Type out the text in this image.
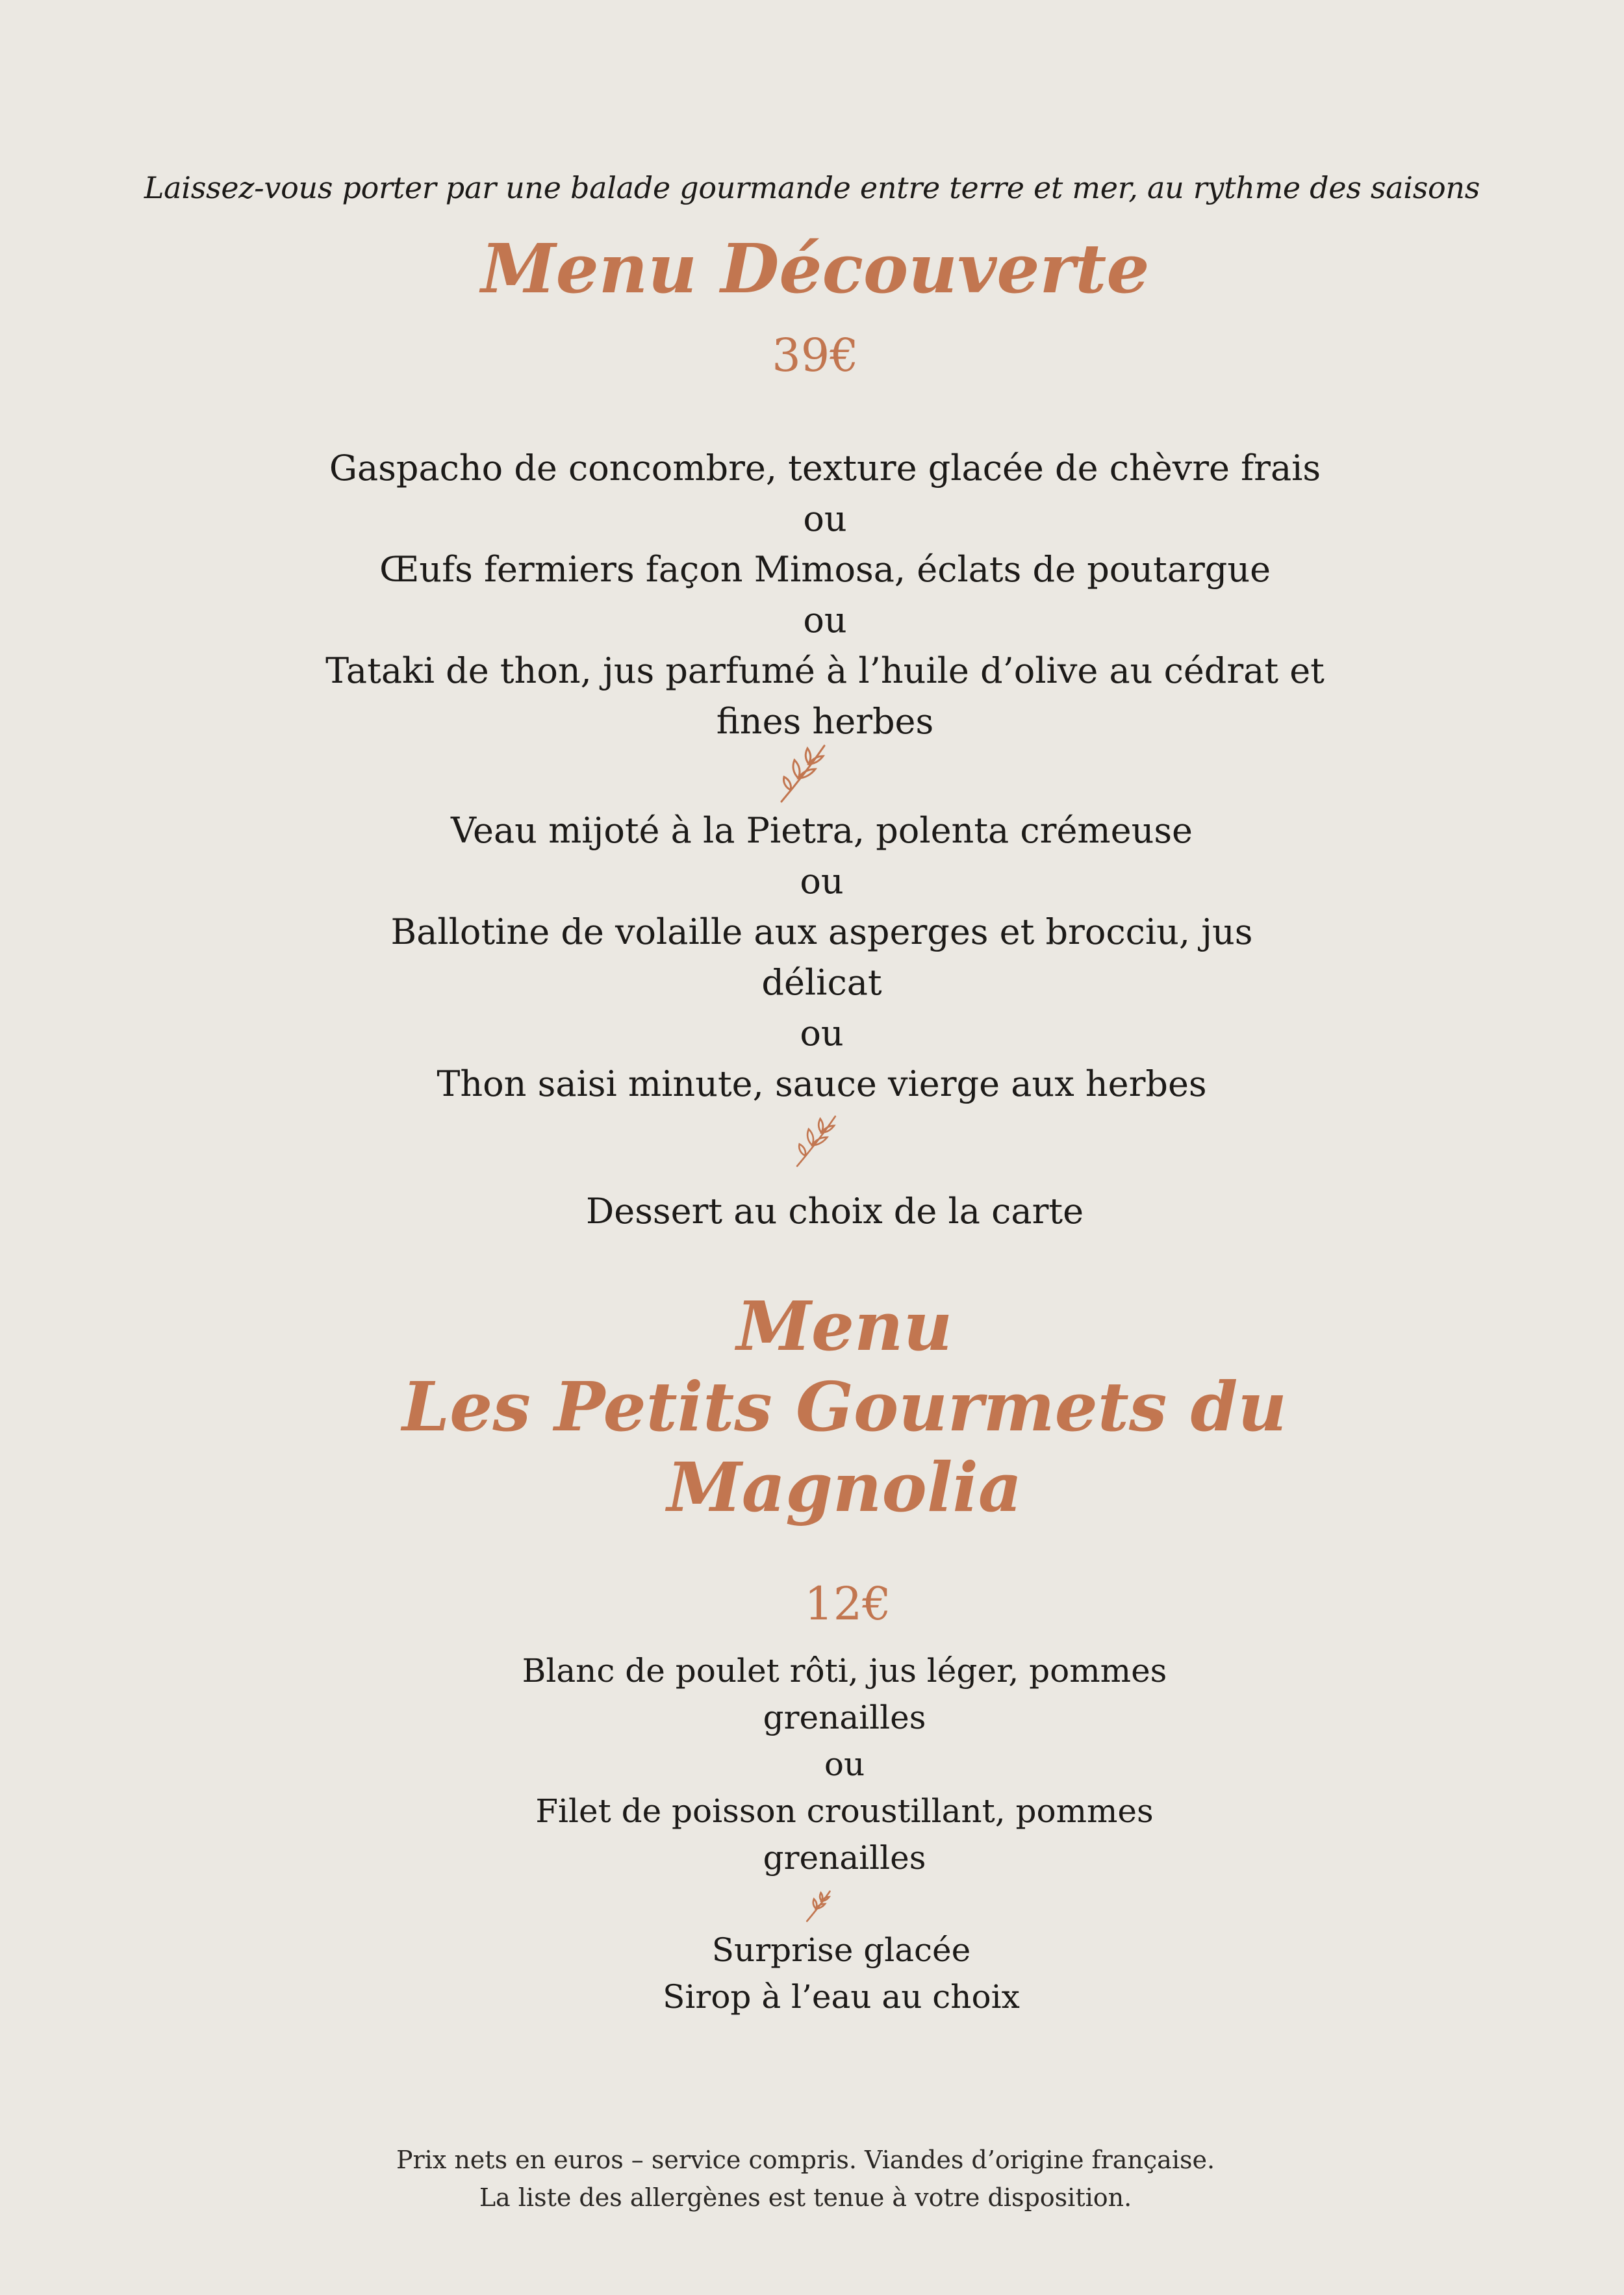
Laissez-vous porter par une balade gourmande entre terre et mer, au rythme des saisons
Menu Découverte
39€
Gaspacho de concombre, texture glacée de chèvre frais
ou
Œufs fermiers façon Mimosa, éclats de poutargue
ou
Tataki de thon, jus parfumé à l’huile d’olive au cédrat et
fines herbes
Veau mijoté à la Pietra, polenta crémeuse
ou
Ballotine de volaille aux asperges et brocciu, jus
délicat
ou
Thon saisi minute, sauce vierge aux herbes
Dessert au choix de la carte
Menu
Les Petits Gourmets du
Magnolia
12€
Blanc de poulet rôti, jus léger, pommes
grenailles
ou
Filet de poisson croustillant, pommes
grenailles
Surprise glacée
Sirop à l’eau au choix
Prix nets en euros – service compris. Viandes d’origine française.
La liste des allergènes est tenue à votre disposition.
